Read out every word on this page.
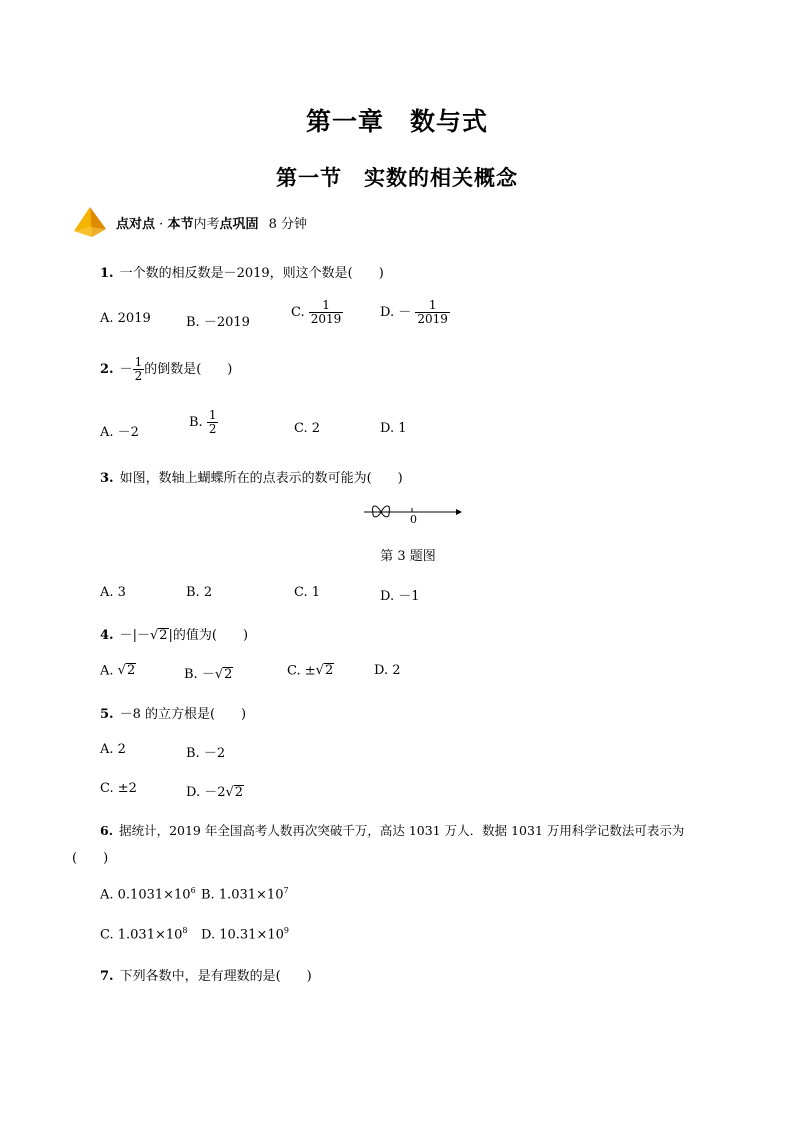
第一章　数与式
第一节　实数的相关概念
点对点 · 本节内考点巩固 8 分钟
1. 一个数的相反数是－2019，则这个数是(　　)
A. 2019	B. －2019
C. $\frac{1}{2019}$	D. － $\frac{1}{2019}$
2. － $\frac{1}{2}$ 的倒数是(　　)
A. －2
B. $\frac{1}{2}$	C. 2	D. 1
3. 如图，数轴上蝴蝶所在的点表示的数可能为(　　)
0
第 3 题图
A. 3	B. 2	C. 1	D. －1
4. －|－ √ 2 |的值为(　　)
A. √ 2	B. － √ 2	C. ± √ 2	D. 2
5. －8 的立方根是(　　)
A. 2	B. －2
C. ±2	D. －2 √ 2
6. 据统计，2019 年全国高考人数再次突破千万，高达 1031 万人．数据 1031 万用科学记数法可表示为
(　　)
A. $0.1031\times 10^6$ B. $1.031\times 10^7$
C. $1.031\times 10^8$ D. $10.31\times 10^9$
7. 下列各数中，是有理数的是(　　)
